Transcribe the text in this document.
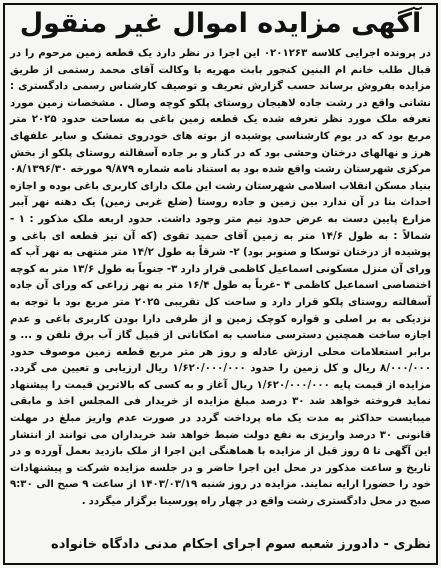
آگهی مزایده اموال غیر منقول
در پرونده اجرایی کلاسه ۰۲۰۱۲۶۳ این اجرا در نظر دارد یک قطعه زمین مرحوم را در قبال طلب خانم ام البنین کنجور بابت مهریه با وکالت آقای محمد رستمی از طریق مزایده بفروش برساند حسب گزارش تعریف و توصیف کارشناس رسمی دادگستری : نشانی واقع در رشت جاده لاهیجان روستای پلکو کوچه وصال . مشخصات زمین مورد تعرفه ملک مورد نظر تعرفه شده یک قطعه زمین باغی به مساحت حدود ۲۰۲۵ متر مربع بود که در یوم کارشناسی پوشیده از بوته های خودروی تمشک و سایر علفهای هرز و نهالهای درختان وحشی بود که در کنار و بر جاده آسفالته روستای پلکو از بخش مرکزی شهرستان رشت واقع شده بود به استناد نامه شماره ۹/۸۷۹ مورخه ۰۸/۱۳۹۶/۳۰ بنیاد مسکن انقلاب اسلامی شهرستان رشت این ملک دارای کاربری باغی بوده و اجازه احداث بنا در آن ندارد بین زمین و جاده روستا (ضلع غربی زمین) یک دهنه نهر آببر مزارع پایین دست به عرض حدود نیم متر وجود داشت. حدود اربعه ملک مذکور : ۱ - شمالاً : به طول ۱۴/۶ متر به زمین آقای حمید تقوی (که آن نیز قطعه ای باغی و پوشیده از درختان توسکا و صنوبر بود) ۲- شرقاً به طول ۱۴/۲ متر منتهی به نهر آب که ورای آن منزل مسکونی اسماعیل کاظمی قرار دارد ۳- جنوباً به طول ۱۳/۶ متر به کوچه اختصاصی اسماعیل کاظمی ۴ -غرباً به طول ۱۶/۴ متر به نهر زراعی که ورای آن جاده آسفالته روستای پلکو قرار دارد و ساحت کل تقریبی ۲۰۲۵ متر مربع بود با توجه به نزدیکی به بر اصلی و قواره کوچک زمین و از طرفی دارا بودن کاربری باغی و عدم اجازه ساخت همچنین دسترسی مناسب به امکاناتی از قبیل گاز آب برق تلفن و ... و برابر استعلامات محلی ارزش عادله و روز هر متر مربع قطعه زمین موصوف حدود ۸/۰۰۰/۰۰۰ ریال و کل زمین را حدود ۱/۶۲۰/۰۰۰/۰۰۰ ریال ارزیابی و تعیین می گردد. مزایده از قیمت پایه ۱/۶۲۰/۰۰۰/۰۰۰ ریال آغاز و به کسی که بالاترین قیمت را پیشنهاد نماید فروخته خواهد شد ۳۰ درصد مبلغ مزایده از خریدار فی المجلس اخذ و مابقی میبایست حداکثر به مدت یک ماه پرداخت گردد در صورت عدم واریز مبلغ در مهلت قانونی ۳۰ درصد واریزی به نفع دولت ضبط خواهد شد خریداران می توانند از انتشار این آگهی تا ۵ روز قبل از مزایده با هماهنگی این اجرا از ملک بازدید بعمل آورده و در تاریخ و ساعت مذکور در محل این اجرا حاضر و در جلسه مزایده شرکت و پیشنهادات خود را حضورا ارایه نمایند. مزایده در روز شنبه ۱۴۰۳/۰۳/۱۹ از ساعت ۹ صبح الی ۹:۳۰ صبح در محل دادگستری رشت واقع در چهار راه پورسینا برگزار میگردد .
نظری - دادورز شعبه سوم اجرای احکام مدنی دادگاه خانواده
